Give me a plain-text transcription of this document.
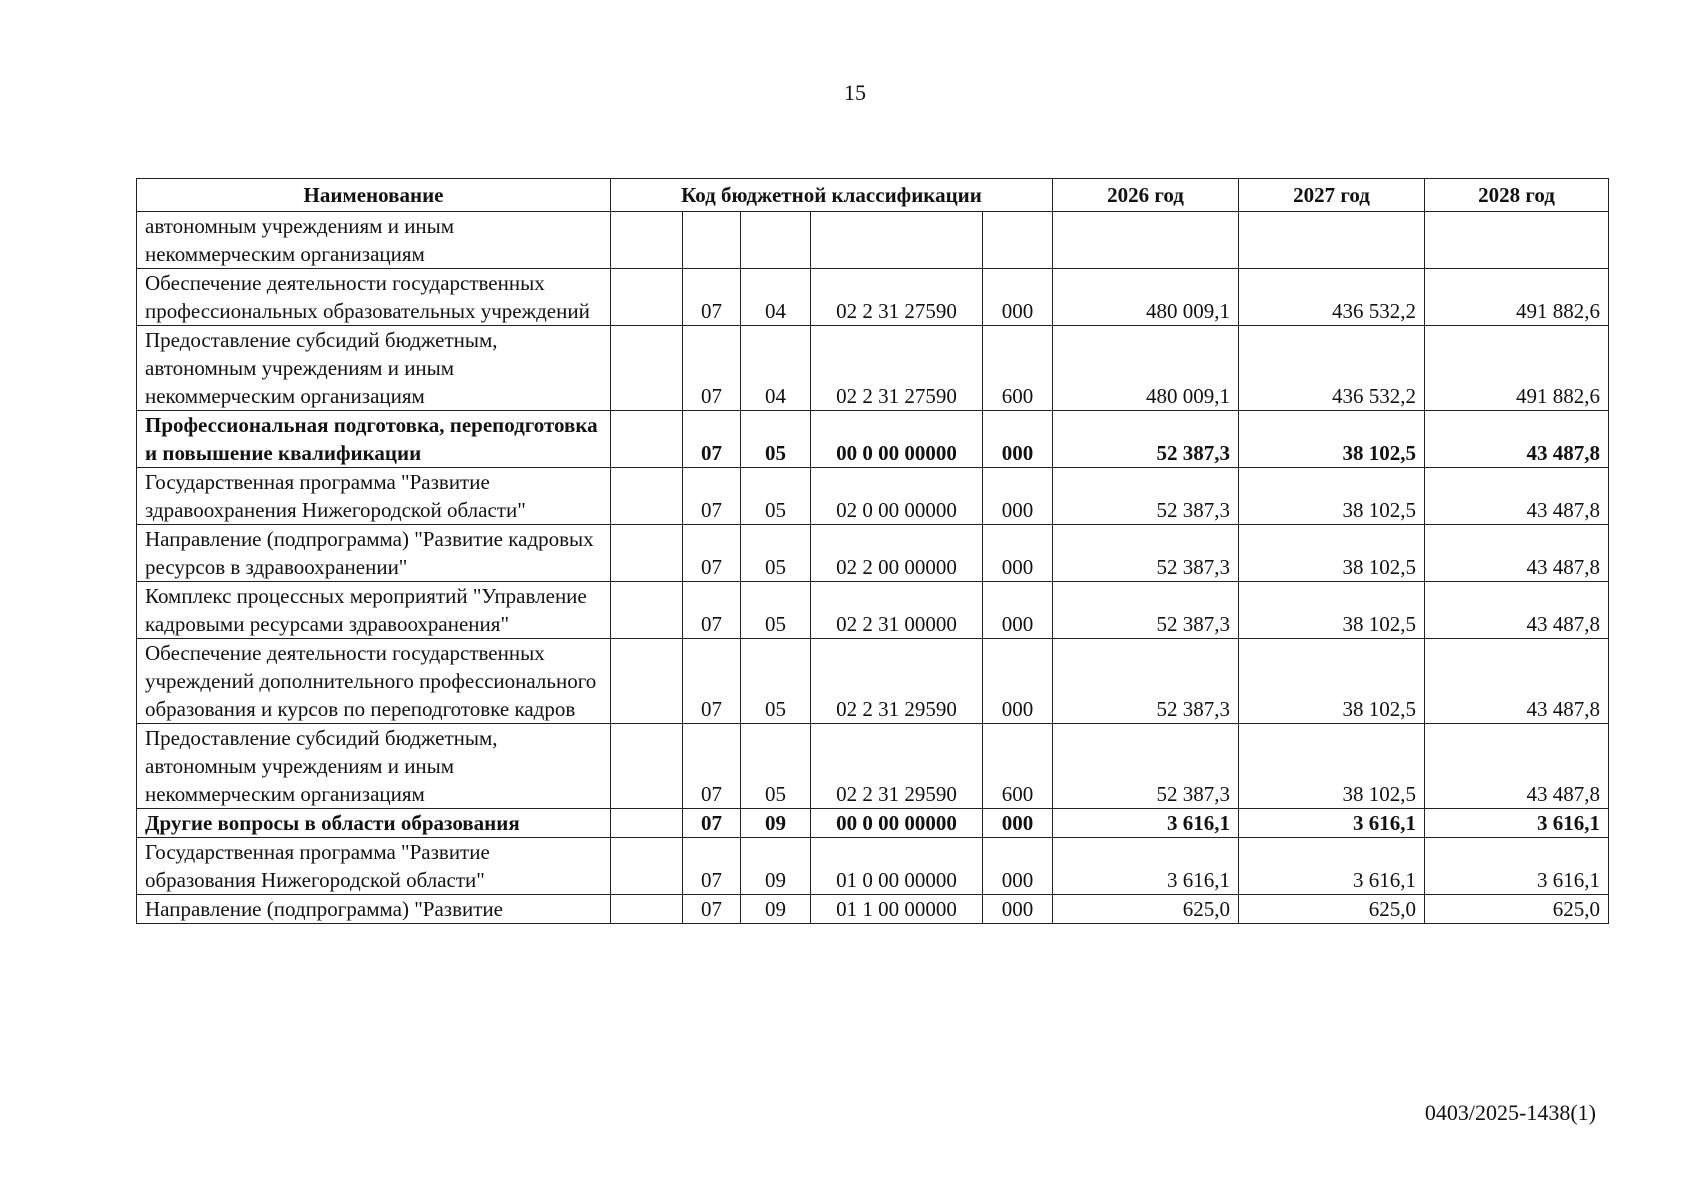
15
Наименование	Код бюджетной классификации					2026 год	2027 год	2028 год
автономным учреждениям и иным некоммерческим организациям								
Обеспечение деятельности государственных профессиональных образовательных учреждений		07	04	02 2 31 27590	000	480 009,1	436 532,2	491 882,6
Предоставление субсидий бюджетным, автономным учреждениям и иным некоммерческим организациям		07	04	02 2 31 27590	600	480 009,1	436 532,2	491 882,6
Профессиональная подготовка, переподготовка и повышение квалификации		07	05	00 0 00 00000	000	52 387,3	38 102,5	43 487,8
Государственная программа "Развитие здравоохранения Нижегородской области"		07	05	02 0 00 00000	000	52 387,3	38 102,5	43 487,8
Направление (подпрограмма) "Развитие кадровых ресурсов в здравоохранении"		07	05	02 2 00 00000	000	52 387,3	38 102,5	43 487,8
Комплекс процессных мероприятий "Управление кадровыми ресурсами здравоохранения"		07	05	02 2 31 00000	000	52 387,3	38 102,5	43 487,8
Обеспечение деятельности государственных учреждений дополнительного профессионального образования и курсов по переподготовке кадров		07	05	02 2 31 29590	000	52 387,3	38 102,5	43 487,8
Предоставление субсидий бюджетным, автономным учреждениям и иным некоммерческим организациям		07	05	02 2 31 29590	600	52 387,3	38 102,5	43 487,8
Другие вопросы в области образования		07	09	00 0 00 00000	000	3 616,1	3 616,1	3 616,1
Государственная программа "Развитие образования Нижегородской области"		07	09	01 0 00 00000	000	3 616,1	3 616,1	3 616,1
Направление (подпрограмма) "Развитие		07	09	01 1 00 00000	000	625,0	625,0	625,0
0403/2025-1438(1)
